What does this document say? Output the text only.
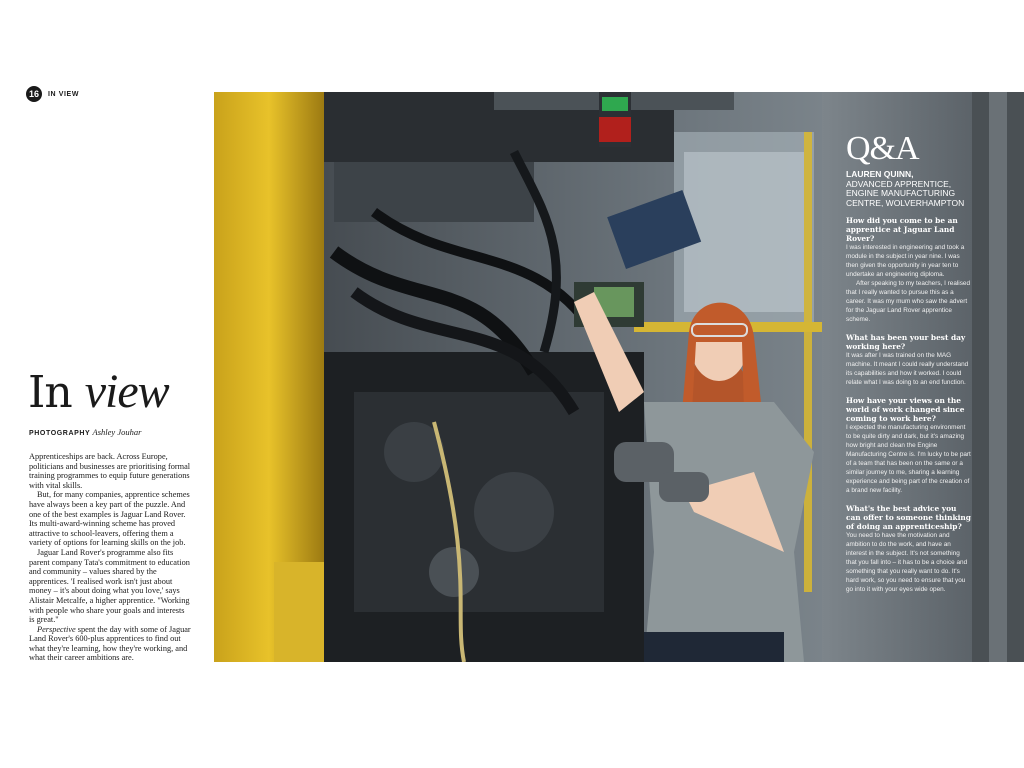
16	IN VIEW
In view
PHOTOGRAPHY Ashley Jouhar

Apprenticeships are back. Across Europe, politicians and businesses are prioritising formal training programmes to equip future generations with vital skills.

But, for many companies, apprentice schemes have always been a key part of the puzzle. And one of the best examples is Jaguar Land Rover. Its multi-award-winning scheme has proved attractive to school-leavers, offering them a variety of options for learning skills on the job.

Jaguar Land Rover's programme also fits parent company Tata's commitment to education and community – values shared by the apprentices. 'I realised work isn't just about money – it's about doing what you love,' says Alistair Metcalfe, a higher apprentice. "Working with people who share your goals and interests is great."

Perspective spent the day with some of Jaguar Land Rover's 600-plus apprentices to find out what they're learning, how they're working, and what their career ambitions are.

Q&A
LAUREN QUINN,
ADVANCED APPRENTICE,
ENGINE MANUFACTURING
CENTRE, WOLVERHAMPTON

How did you come to be an apprentice at Jaguar Land Rover?

I was interested in engineering and took a module in the subject in year nine. I was then given the opportunity in year ten to undertake an engineering diploma.
After speaking to my teachers, I realised that I really wanted to pursue this as a career. It was my mum who saw the advert for the Jaguar Land Rover apprentice scheme.

What has been your best day working here?

It was after I was trained on the MAG machine. It meant I could really understand its capabilities and how it worked. I could relate what I was doing to an end function.

How have your views on the world of work changed since coming to work here?

I expected the manufacturing environment to be quite dirty and dark, but it's amazing how bright and clean the Engine Manufacturing Centre is. I'm lucky to be part of a team that has been on the same or a similar journey to me, sharing a learning experience and being part of the creation of a brand new facility.

What's the best advice you can offer to someone thinking of doing an apprenticeship?

You need to have the motivation and ambition to do the work, and have an interest in the subject. It's not something that you fall into – it has to be a choice and something that you really want to do. It's hard work, so you need to ensure that you go into it with your eyes wide open.
